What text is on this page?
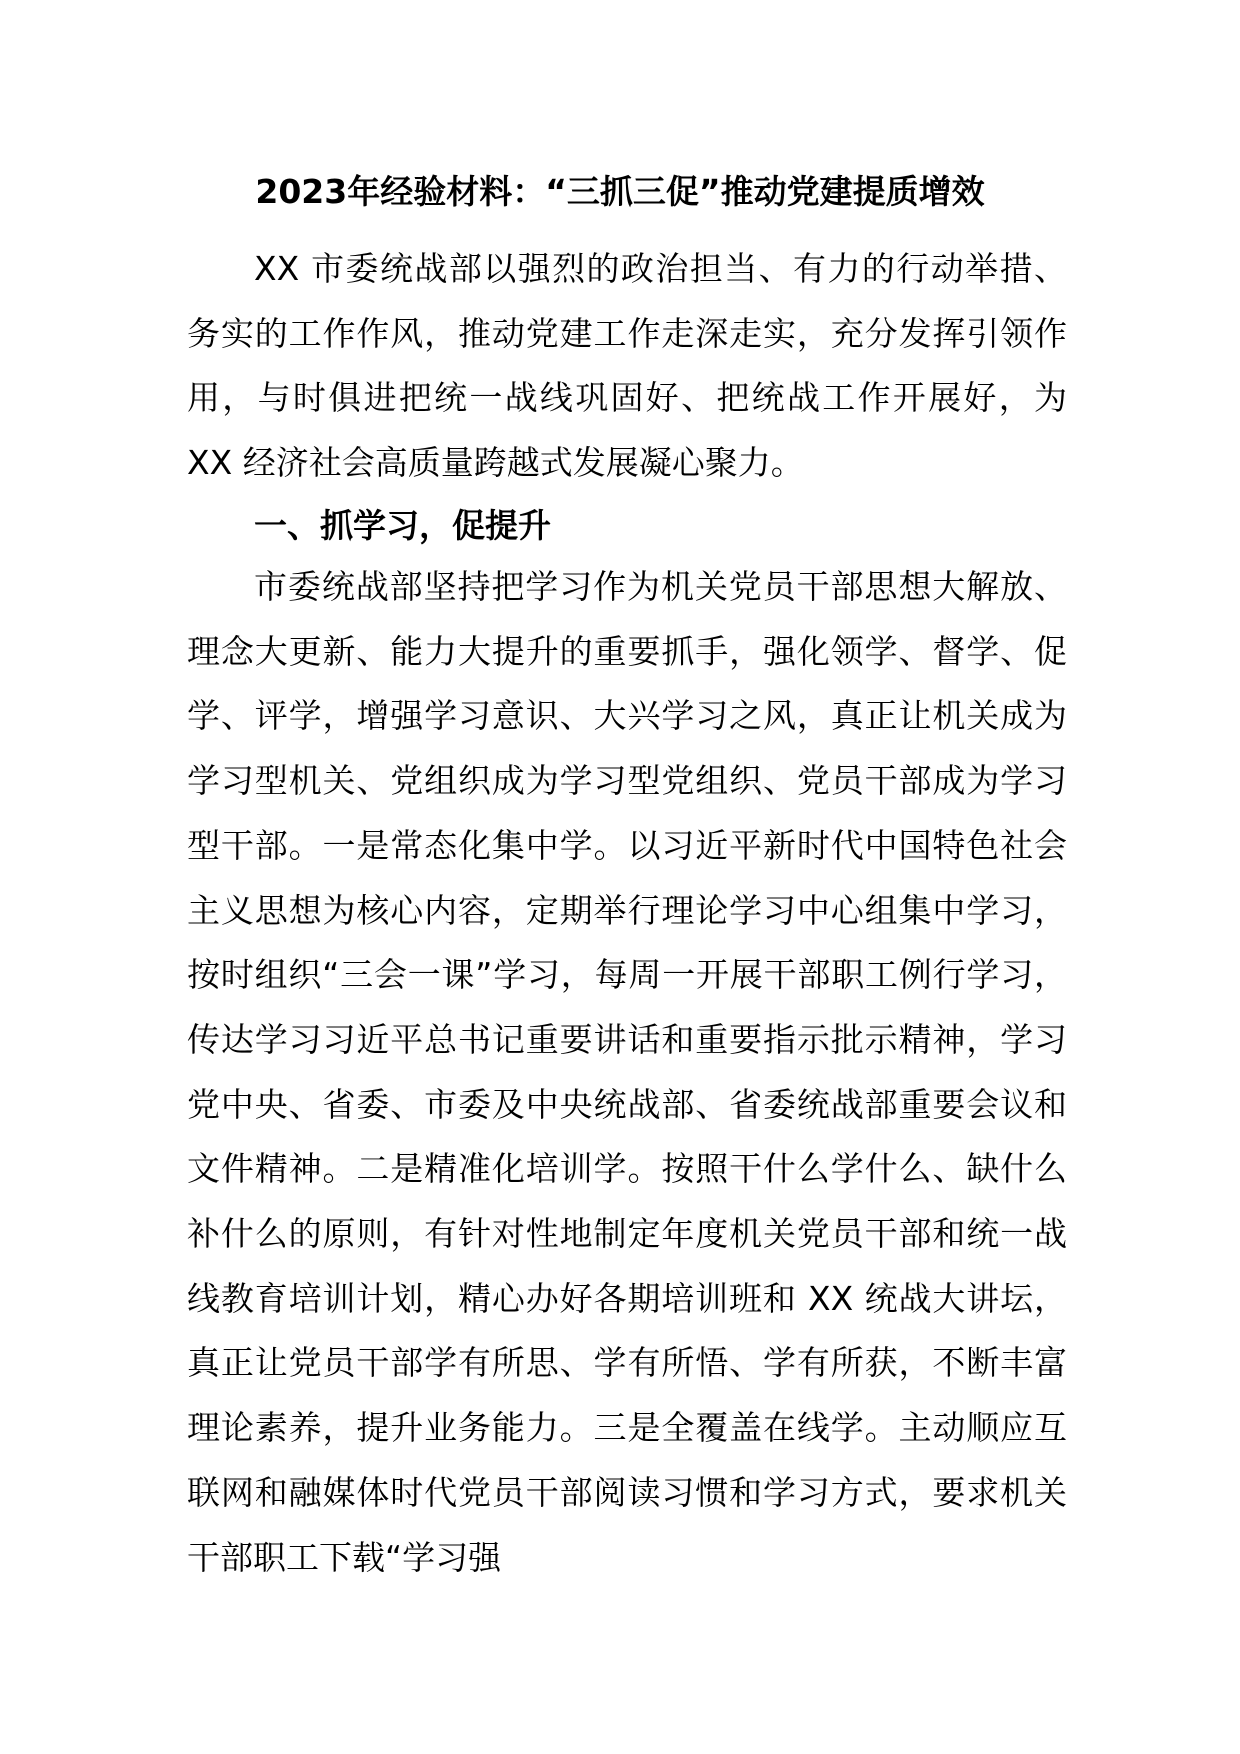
2023年经验材料：“三抓三促”推动党建提质增效
XX 市委统战部以强烈的政治担当、有力的行动举措、务实的工作作风，推动党建工作走深走实，充分发挥引领作用，与时俱进把统一战线巩固好、把统战工作开展好，为 XX 经济社会高质量跨越式发展凝心聚力。
一、抓学习，促提升
市委统战部坚持把学习作为机关党员干部思想大解放、理念大更新、能力大提升的重要抓手，强化领学、督学、促学、评学，增强学习意识、大兴学习之风，真正让机关成为学习型机关、党组织成为学习型党组织、党员干部成为学习型干部。一是常态化集中学。以习近平新时代中国特色社会主义思想为核心内容，定期举行理论学习中心组集中学习，按时组织“三会一课”学习，每周一开展干部职工例行学习，传达学习习近平总书记重要讲话和重要指示批示精神，学习党中央、省委、市委及中央统战部、省委统战部重要会议和文件精神。二是精准化培训学。按照干什么学什么、缺什么补什么的原则，有针对性地制定年度机关党员干部和统一战线教育培训计划，精心办好各期培训班和 XX 统战大讲坛，真正让党员干部学有所思、学有所悟、学有所获，不断丰富理论素养，提升业务能力。三是全覆盖在线学。主动顺应互联网和融媒体时代党员干部阅读习惯和学习方式，要求机关干部职工下载“学习强
